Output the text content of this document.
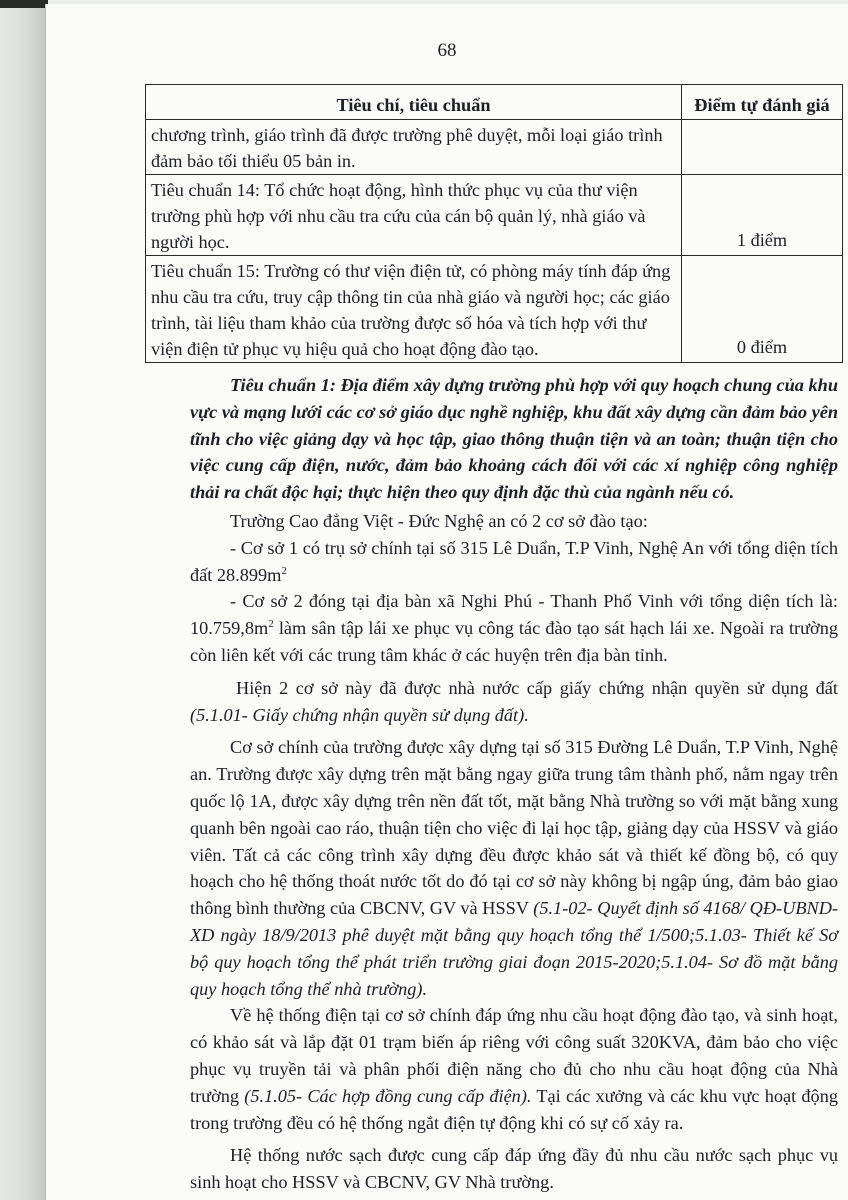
68
Tiêu chí, tiêu chuẩn	Điểm tự đánh giá
chương trình, giáo trình đã được trường phê duyệt, mỗi loại giáo trình đảm bảo tối thiểu 05 bản in.	
Tiêu chuẩn 14: Tổ chức hoạt động, hình thức phục vụ của thư viện trường phù hợp với nhu cầu tra cứu của cán bộ quản lý, nhà giáo và người học.	1 điểm
Tiêu chuẩn 15: Trường có thư viện điện tử, có phòng máy tính đáp ứng nhu cầu tra cứu, truy cập thông tin của nhà giáo và người học; các giáo trình, tài liệu tham khảo của trường được số hóa và tích hợp với thư viện điện tử phục vụ hiệu quả cho hoạt động đào tạo.	0 điểm

Tiêu chuẩn 1: Địa điểm xây dựng trường phù hợp với quy hoạch chung của khu vực và mạng lưới các cơ sở giáo dục nghề nghiệp, khu đất xây dựng cần đảm bảo yên tĩnh cho việc giảng dạy và học tập, giao thông thuận tiện và an toàn; thuận tiện cho việc cung cấp điện, nước, đảm bảo khoảng cách đối với các xí nghiệp công nghiệp thải ra chất độc hại; thực hiện theo quy định đặc thù của ngành nếu có.

Trường Cao đẳng Việt - Đức Nghệ an có 2 cơ sở đào tạo:

- Cơ sở 1 có trụ sở chính tại số 315 Lê Duẩn, T.P Vinh, Nghệ An với tổng diện tích đất $28.899m^2$

- Cơ sở 2 đóng tại địa bàn xã Nghi Phú - Thanh Phố Vinh với tổng diện tích là: $10.759,8m^2$ làm sân tập lái xe phục vụ công tác đào tạo sát hạch lái xe. Ngoài ra trường còn liên kết với các trung tâm khác ở các huyện trên địa bàn tỉnh.

Hiện 2 cơ sở này đã được nhà nước cấp giấy chứng nhận quyền sử dụng đất (5.1.01- Giấy chứng nhận quyền sử dụng đất).

Cơ sở chính của trường được xây dựng tại số 315 Đường Lê Duẩn, T.P Vinh, Nghệ an. Trường được xây dựng trên mặt bằng ngay giữa trung tâm thành phố, nằm ngay trên quốc lộ 1A, được xây dựng trên nền đất tốt, mặt bằng Nhà trường so với mặt bằng xung quanh bên ngoài cao ráo, thuận tiện cho việc đi lại học tập, giảng dạy của HSSV và giáo viên. Tất cả các công trình xây dựng đều được khảo sát và thiết kế đồng bộ, có quy hoạch cho hệ thống thoát nước tốt do đó tại cơ sở này không bị ngập úng, đảm bảo giao thông bình thường của CBCNV, GV và HSSV (5.1-02- Quyết định số 4168/ QĐ-UBND-XD ngày 18/9/2013 phê duyệt mặt bằng quy hoạch tổng thể 1/500;5.1.03- Thiết kế Sơ bộ quy hoạch tổng thể phát triển trường giai đoạn 2015-2020;5.1.04- Sơ đồ mặt bằng quy hoạch tổng thể nhà trường).

Về hệ thống điện tại cơ sở chính đáp ứng nhu cầu hoạt động đào tạo, và sinh hoạt, có khảo sát và lắp đặt 01 trạm biến áp riêng với công suất 320KVA, đảm bảo cho việc phục vụ truyền tải và phân phối điện năng cho đủ cho nhu cầu hoạt động của Nhà trường (5.1.05- Các hợp đồng cung cấp điện). Tại các xưởng và các khu vực hoạt động trong trường đều có hệ thống ngắt điện tự động khi có sự cố xảy ra.

Hệ thống nước sạch được cung cấp đáp ứng đầy đủ nhu cầu nước sạch phục vụ sinh hoạt cho HSSV và CBCNV, GV Nhà trường.
